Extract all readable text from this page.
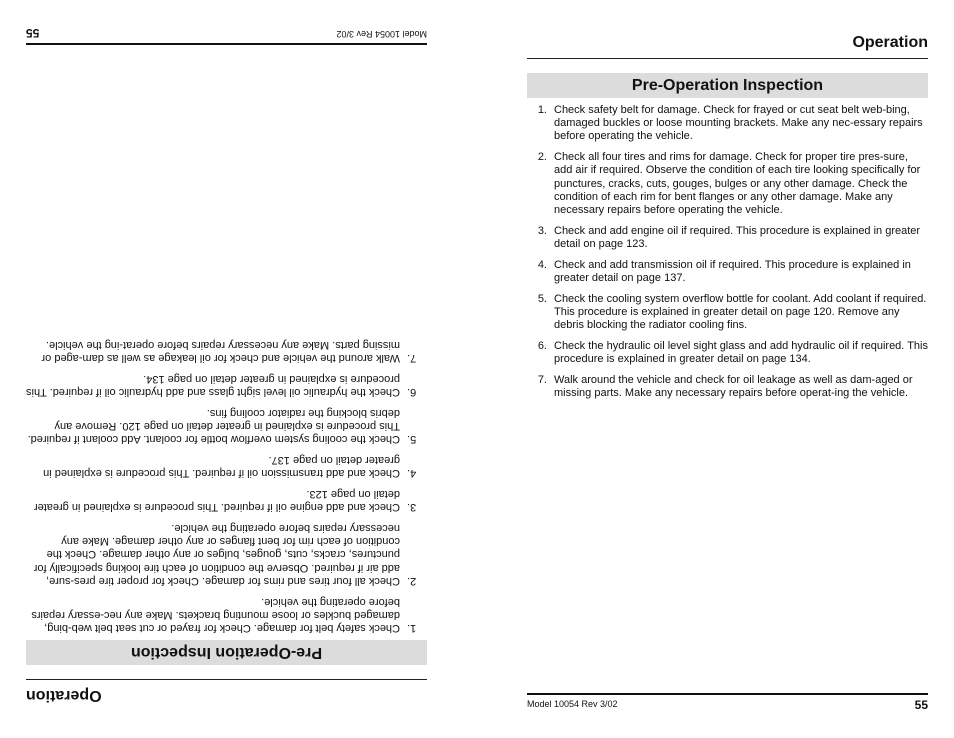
Operation
Pre-Operation Inspection
1.
Check safety belt for damage. Check for frayed or cut seat belt web-bing, damaged buckles or loose mounting brackets. Make any nec-essary repairs before operating the vehicle.
2.
Check all four tires and rims for damage. Check for proper tire pres-sure, add air if required. Observe the condition of each tire looking specifically for punctures, cracks, cuts, gouges, bulges or any other damage. Check the condition of each rim for bent flanges or any other damage. Make any necessary repairs before operating the vehicle.
3.
Check and add engine oil if required. This procedure is explained in greater detail on page 123.
4.
Check and add transmission oil if required. This procedure is explained in greater detail on page 137.
5.
Check the cooling system overflow bottle for coolant. Add coolant if required. This procedure is explained in greater detail on page 120. Remove any debris blocking the radiator cooling fins.
6.
Check the hydraulic oil level sight glass and add hydraulic oil if required. This procedure is explained in greater detail on page 134.
7.
Walk around the vehicle and check for oil leakage as well as dam-aged or missing parts. Make any necessary repairs before operat-ing the vehicle.
Model 10054 Rev 3/02
55
Operation
Pre-Operation Inspection
1. Check safety belt for damage. Check for frayed or cut seat belt web-bing, damaged buckles or loose mounting brackets. Make any nec-essary repairs before operating the vehicle.
2. Check all four tires and rims for damage. Check for proper tire pres-sure, add air if required. Observe the condition of each tire looking specifically for punctures, cracks, cuts, gouges, bulges or any other damage. Check the condition of each rim for bent flanges or any other damage. Make any necessary repairs before operating the vehicle.
3. Check and add engine oil if required. This procedure is explained in greater detail on page 123.
4. Check and add transmission oil if required. This procedure is explained in greater detail on page 137.
5. Check the cooling system overflow bottle for coolant. Add coolant if required. This procedure is explained in greater detail on page 120. Remove any debris blocking the radiator cooling fins.
6. Check the hydraulic oil level sight glass and add hydraulic oil if required. This procedure is explained in greater detail on page 134.
7. Walk around the vehicle and check for oil leakage as well as dam-aged or missing parts. Make any necessary repairs before operat-ing the vehicle.
Model 10054 Rev 3/02	55
